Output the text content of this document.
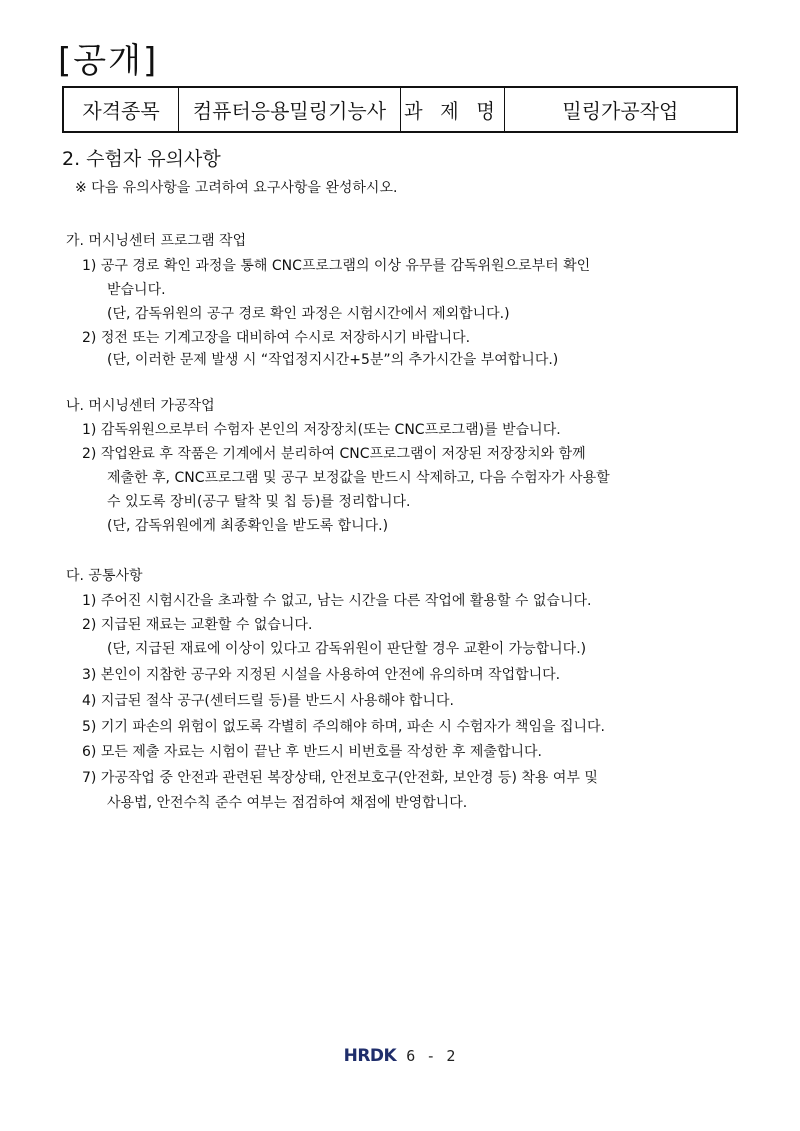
[공개]
자격종목	컴퓨터응용밀링기능사	과 제 명	밀링가공작업
2. 수험자 유의사항
※ 다음 유의사항을 고려하여 요구사항을 완성하시오.
가. 머시닝센터 프로그램 작업
1) 공구 경로 확인 과정을 통해 CNC프로그램의 이상 유무를 감독위원으로부터 확인
받습니다.
(단, 감독위원의 공구 경로 확인 과정은 시험시간에서 제외합니다.)
2) 정전 또는 기계고장을 대비하여 수시로 저장하시기 바랍니다.
(단, 이러한 문제 발생 시 “작업정지시간+5분”의 추가시간을 부여합니다.)
나. 머시닝센터 가공작업
1) 감독위원으로부터 수험자 본인의 저장장치(또는 CNC프로그램)를 받습니다.
2) 작업완료 후 작품은 기계에서 분리하여 CNC프로그램이 저장된 저장장치와 함께
제출한 후, CNC프로그램 및 공구 보정값을 반드시 삭제하고, 다음 수험자가 사용할
수 있도록 장비(공구 탈착 및 칩 등)를 정리합니다.
(단, 감독위원에게 최종확인을 받도록 합니다.)
다. 공통사항
1) 주어진 시험시간을 초과할 수 없고, 남는 시간을 다른 작업에 활용할 수 없습니다.
2) 지급된 재료는 교환할 수 없습니다.
(단, 지급된 재료에 이상이 있다고 감독위원이 판단할 경우 교환이 가능합니다.)
3) 본인이 지참한 공구와 지정된 시설을 사용하여 안전에 유의하며 작업합니다.
4) 지급된 절삭 공구(센터드릴 등)를 반드시 사용해야 합니다.
5) 기기 파손의 위험이 없도록 각별히 주의해야 하며, 파손 시 수험자가 책임을 집니다.
6) 모든 제출 자료는 시험이 끝난 후 반드시 비번호를 작성한 후 제출합니다.
7) 가공작업 중 안전과 관련된 복장상태, 안전보호구(안전화, 보안경 등) 착용 여부 및
사용법, 안전수칙 준수 여부는 점검하여 채점에 반영합니다.
HRDK 6 - 2
